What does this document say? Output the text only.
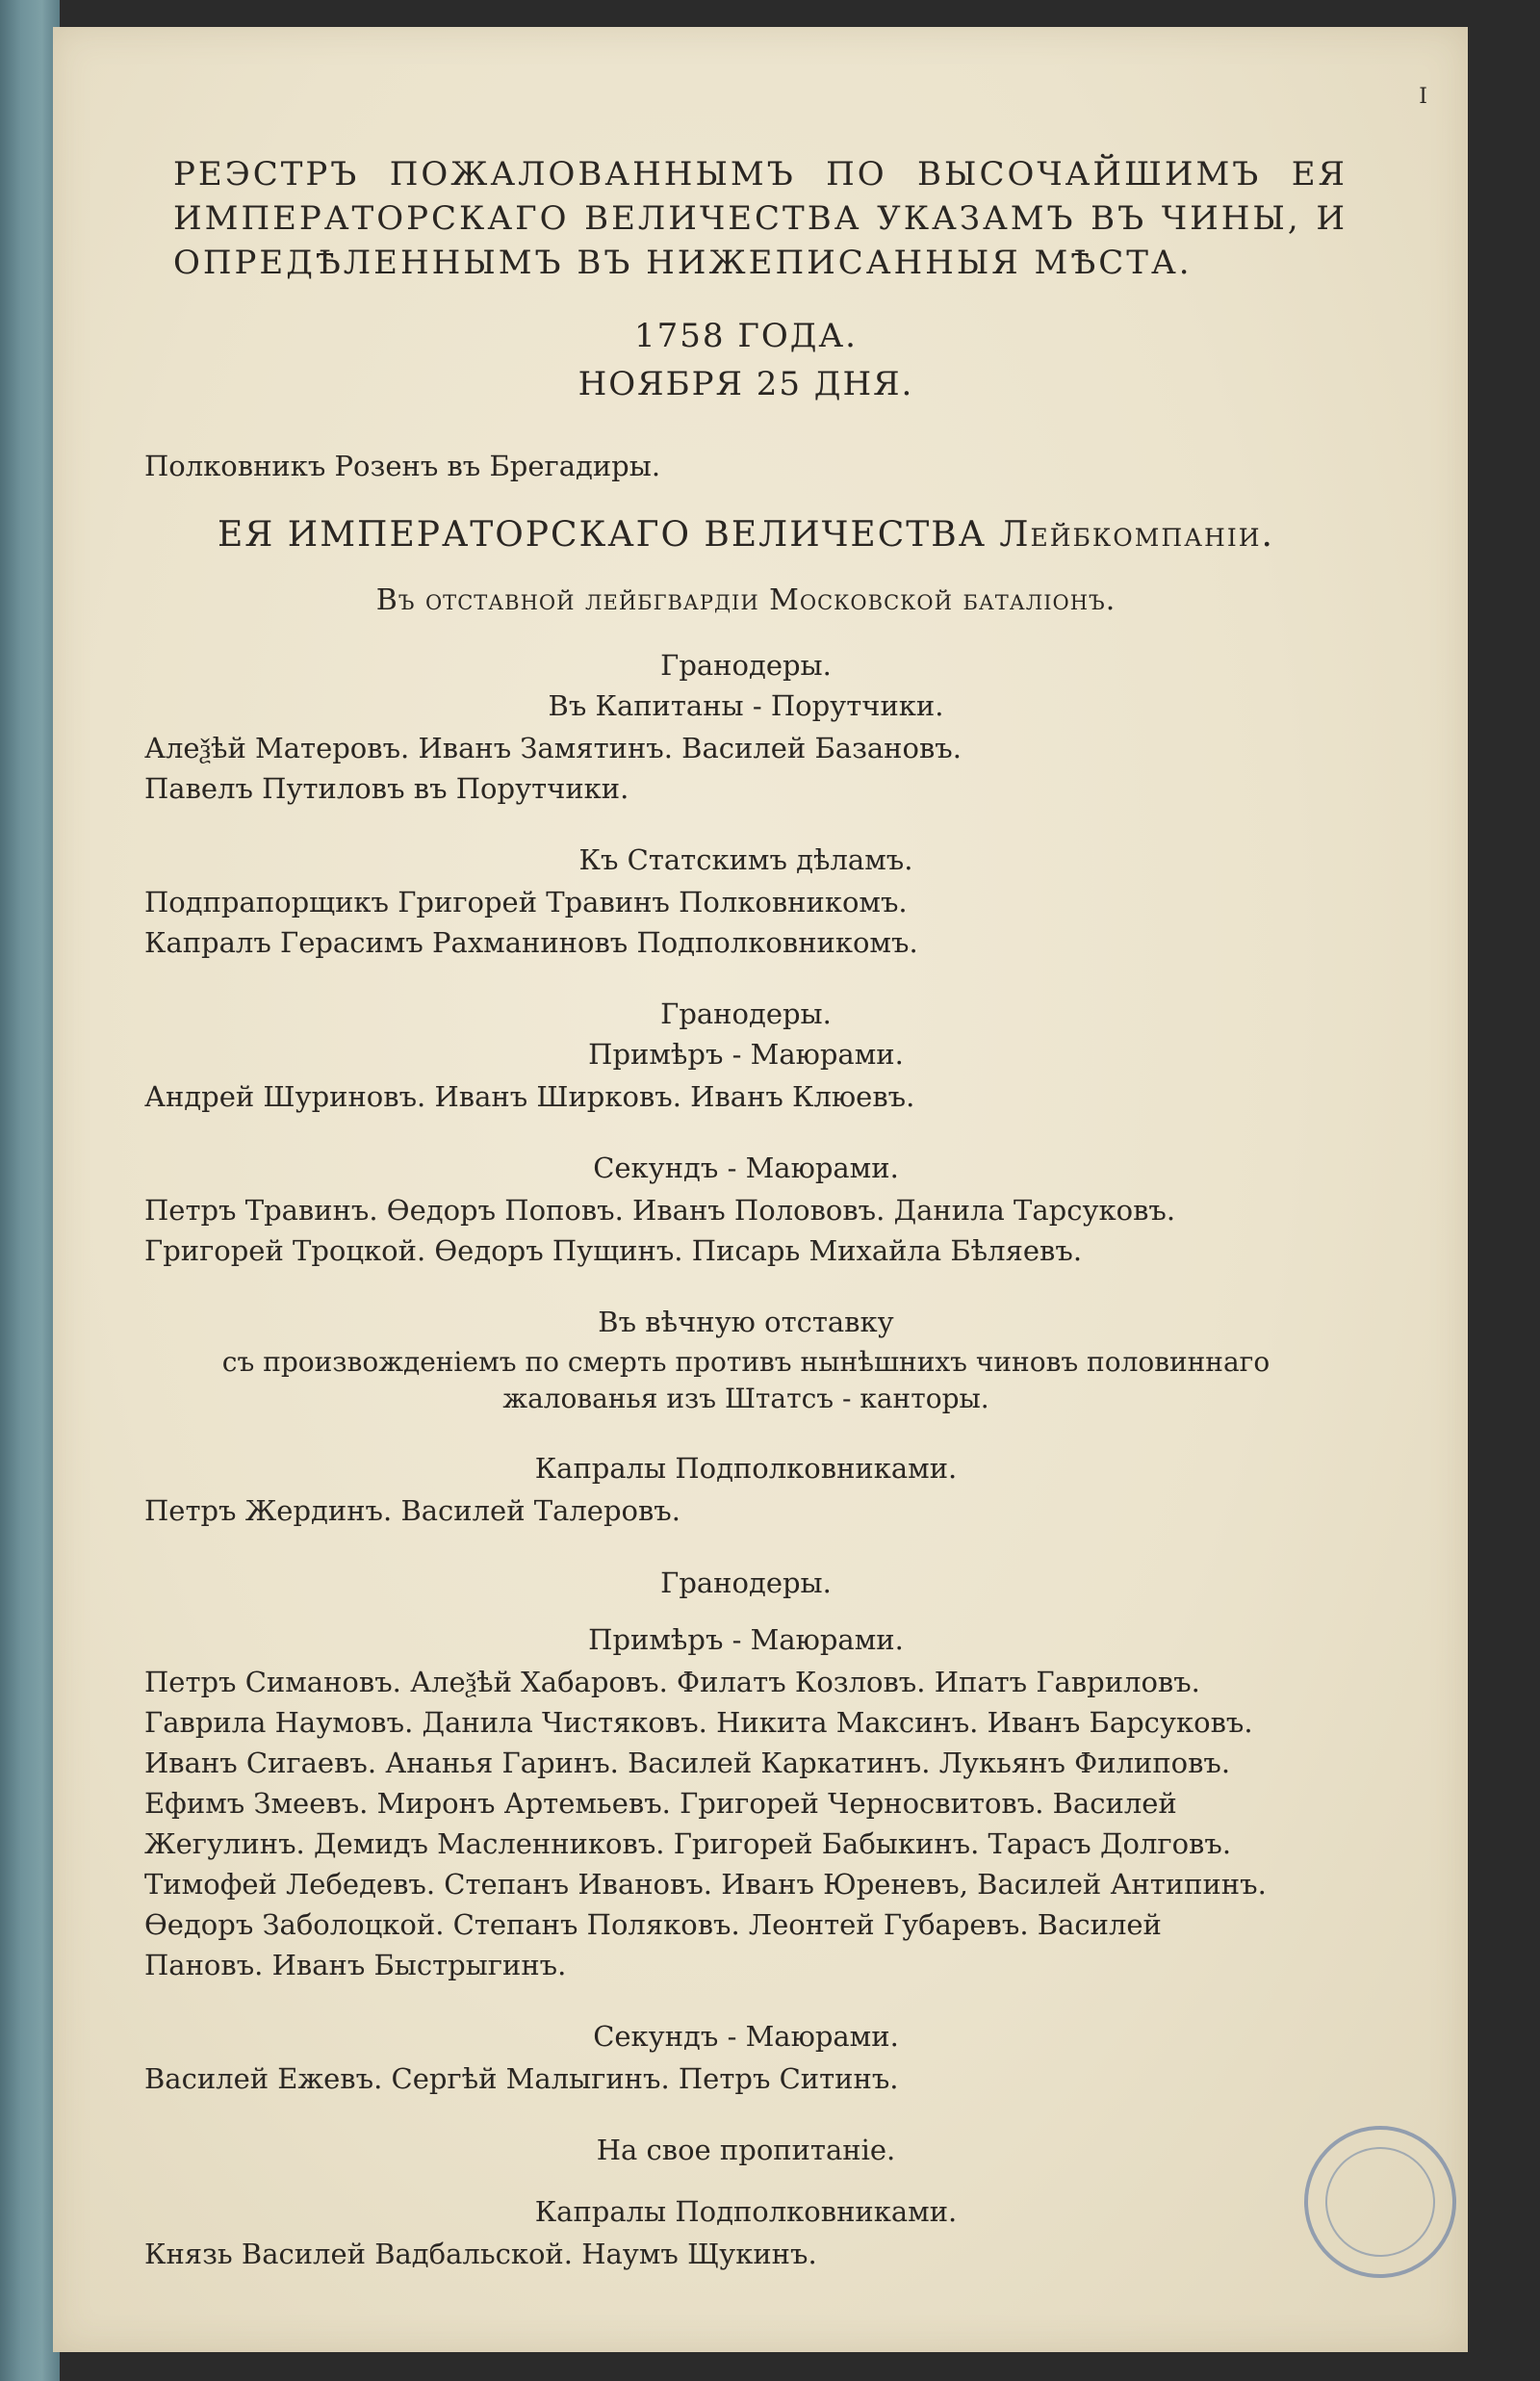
I

РЕЭСТРЪ ПОЖАЛОВАННЫМЪ ПО ВЫСОЧАЙШИМЪ ЕЯ ИМПЕРАТОРСКАГО ВЕЛИЧЕСТВА УКАЗАМЪ ВЪ ЧИНЫ, И ОПРЕДѢЛЕННЫМЪ ВЪ НИЖЕПИСАННЫЯ МѢСТА.

1758 ГОДА.

НОЯБРЯ 25 ДНЯ.

Полковникъ Розенъ въ Брегадиры.

ЕЯ ИМПЕРАТОРСКАГО ВЕЛИЧЕСТВА Лейбкомпанiи.

Въ отставной лейбгвардiи Московской баталiонъ.

Гранодеры.

Въ Капитаны - Порутчики.

Алеѯѣй Матеровъ. Иванъ Замятинъ. Василей Базановъ.

Павелъ Путиловъ въ Порутчики.

Къ Статскимъ дѣламъ.

Подпрапорщикъ Григорей Травинъ Полковникомъ.

Капралъ Герасимъ Рахманиновъ Подполковникомъ.

Гранодеры.

Примѣръ - Маюрами.

Андрей Шуриновъ. Иванъ Ширковъ. Иванъ Клюевъ.

Секундъ - Маюрами.

Петръ Травинъ. Өедоръ Поповъ. Иванъ Полововъ. Данила Тарсуковъ.

Григорей Троцкой. Өедоръ Пущинъ. Писарь Михайла Бѣляевъ.

Въ вѣчную отставку

съ произвожденiемъ по смерть противъ нынѣшнихъ чиновъ половиннаго жалованья изъ Штатсъ - канторы.

Капралы Подполковниками.

Петръ Жердинъ. Василей Талеровъ.

Гранодеры.

Примѣръ - Маюрами.

Петръ Симановъ. Алеѯѣй Хабаровъ. Филатъ Козловъ. Ипатъ Гавриловъ.

Гаврила Наумовъ. Данила Чистяковъ. Никита Максинъ. Иванъ Барсуковъ.

Иванъ Сигаевъ. Ананья Гаринъ. Василей Каркатинъ. Лукьянъ Филиповъ.

Ефимъ Змеевъ. Миронъ Артемьевъ. Григорей Черносвитовъ. Василей

Жегулинъ. Демидъ Масленниковъ. Григорей Бабыкинъ. Тарасъ Долговъ.

Тимофей Лебедевъ. Степанъ Ивановъ. Иванъ Юреневъ, Василей Антипинъ.

Өедоръ Заболоцкой. Степанъ Поляковъ. Леонтей Губаревъ. Василей

Пановъ. Иванъ Быстрыгинъ.

Секундъ - Маюрами.

Василей Ежевъ. Сергѣй Малыгинъ. Петръ Ситинъ.

На свое пропитанiе.

Капралы Подполковниками.

Князь Василей Вадбальской. Наумъ Щукинъ.
